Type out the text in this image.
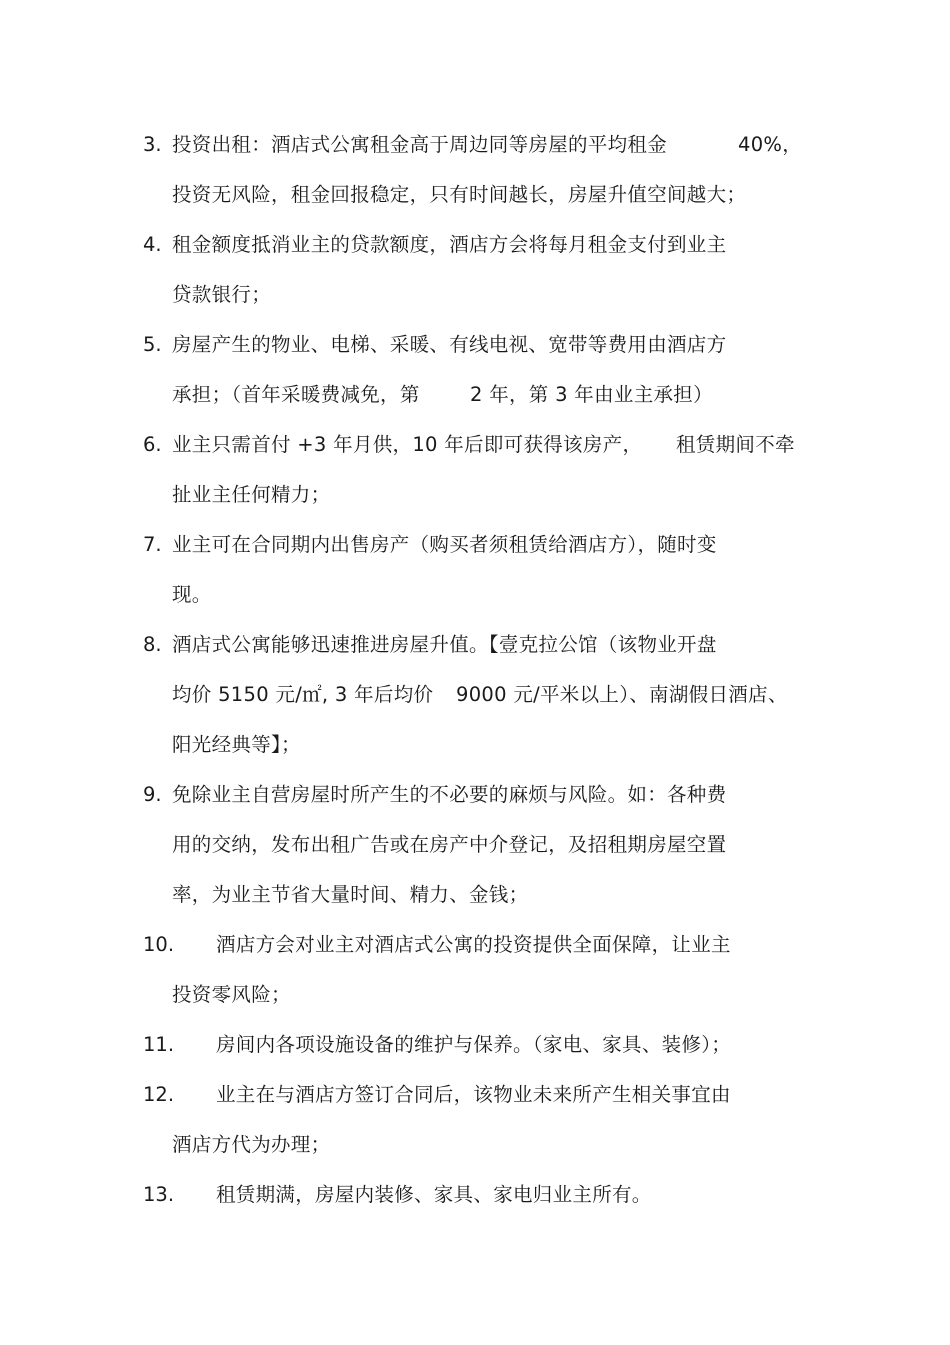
3. 投资出租：酒店式公寓租金高于周边同等房屋的平均租金	40%，
投资无风险，租金回报稳定，只有时间越长，房屋升值空间越大；
4. 租金额度抵消业主的贷款额度，酒店方会将每月租金支付到业主
贷款银行；
5. 房屋产生的物业、电梯、采暖、有线电视、宽带等费用由酒店方
承担；（首年采暖费减免，第	2 年，第 3 年由业主承担）
6. 业主只需首付 +3 年月供，10 年后即可获得该房产， 租赁期间不牵
扯业主任何精力；
7. 业主可在合同期内出售房产（购买者须租赁给酒店方），随时变
现。
8. 酒店式公寓能够迅速推进房屋升值。【壹克拉公馆（该物业开盘
均价 5150 元/㎡, 3 年后均价 9000 元/平米以上）、南湖假日酒店、
阳光经典等】；
9. 免除业主自营房屋时所产生的不必要的麻烦与风险。如：各种费
用的交纳，发布出租广告或在房产中介登记，及招租期房屋空置
率，为业主节省大量时间、精力、金钱；
10. 酒店方会对业主对酒店式公寓的投资提供全面保障，让业主
投资零风险；
11. 房间内各项设施设备的维护与保养。（家电、家具、装修）；
12. 业主在与酒店方签订合同后，该物业未来所产生相关事宜由
酒店方代为办理；
13. 租赁期满，房屋内装修、家具、家电归业主所有。
